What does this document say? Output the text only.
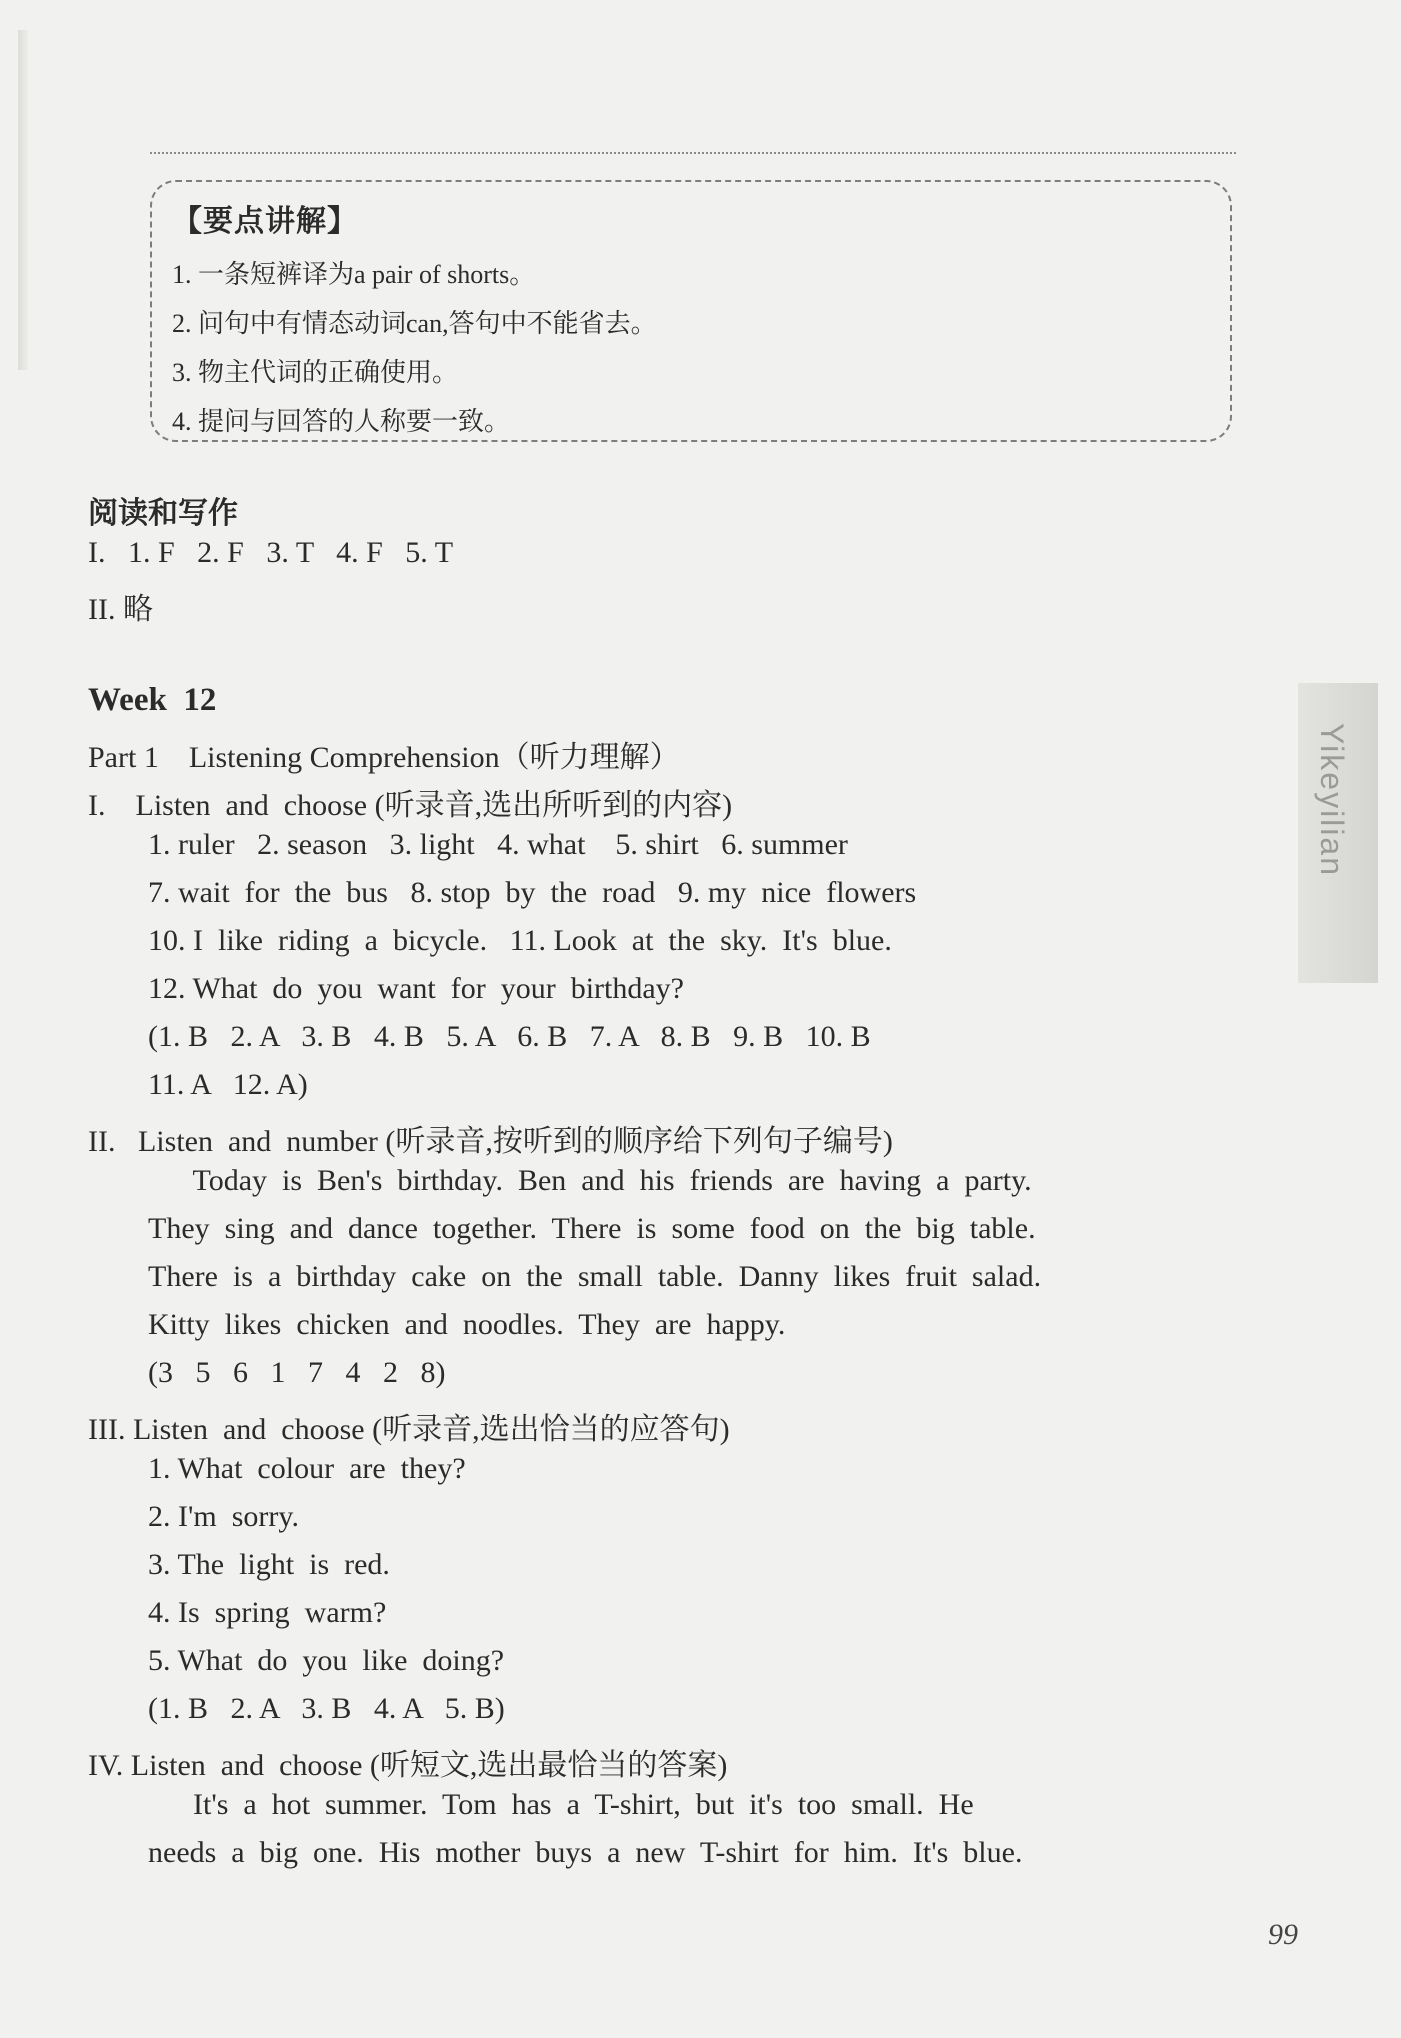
【要点讲解】
1. 一条短裤译为a pair of shorts。
2. 问句中有情态动词can,答句中不能省去。
3. 物主代词的正确使用。
4. 提问与回答的人称要一致。
阅读和写作
I.   1. F   2. F   3. T   4. F   5. T
II. 略
Week  12
Part 1    Listening Comprehension（听力理解）
I.    Listen  and  choose (听录音,选出所听到的内容)
1. ruler   2. season   3. light   4. what    5. shirt   6. summer
7. wait  for  the  bus   8. stop  by  the  road   9. my  nice  flowers
10. I  like  riding  a  bicycle.   11. Look  at  the  sky.  It's  blue.
12. What  do  you  want  for  your  birthday?
(1. B   2. A   3. B   4. B   5. A   6. B   7. A   8. B   9. B   10. B
11. A   12. A)
II.   Listen  and  number (听录音,按听到的顺序给下列句子编号)
Today  is  Ben's  birthday.  Ben  and  his  friends  are  having  a  party.
They  sing  and  dance  together.  There  is  some  food  on  the  big  table.
There  is  a  birthday  cake  on  the  small  table.  Danny  likes  fruit  salad.
Kitty  likes  chicken  and  noodles.  They  are  happy.
(3   5   6   1   7   4   2   8)
III. Listen  and  choose (听录音,选出恰当的应答句)
1. What  colour  are  they?
2. I'm  sorry.
3. The  light  is  red.
4. Is  spring  warm?
5. What  do  you  like  doing?
(1. B   2. A   3. B   4. A   5. B)
IV. Listen  and  choose (听短文,选出最恰当的答案)
It's  a  hot  summer.  Tom  has  a  T-shirt,  but  it's  too  small.  He
needs  a  big  one.  His  mother  buys  a  new  T-shirt  for  him.  It's  blue.
Yikeyilian
99
